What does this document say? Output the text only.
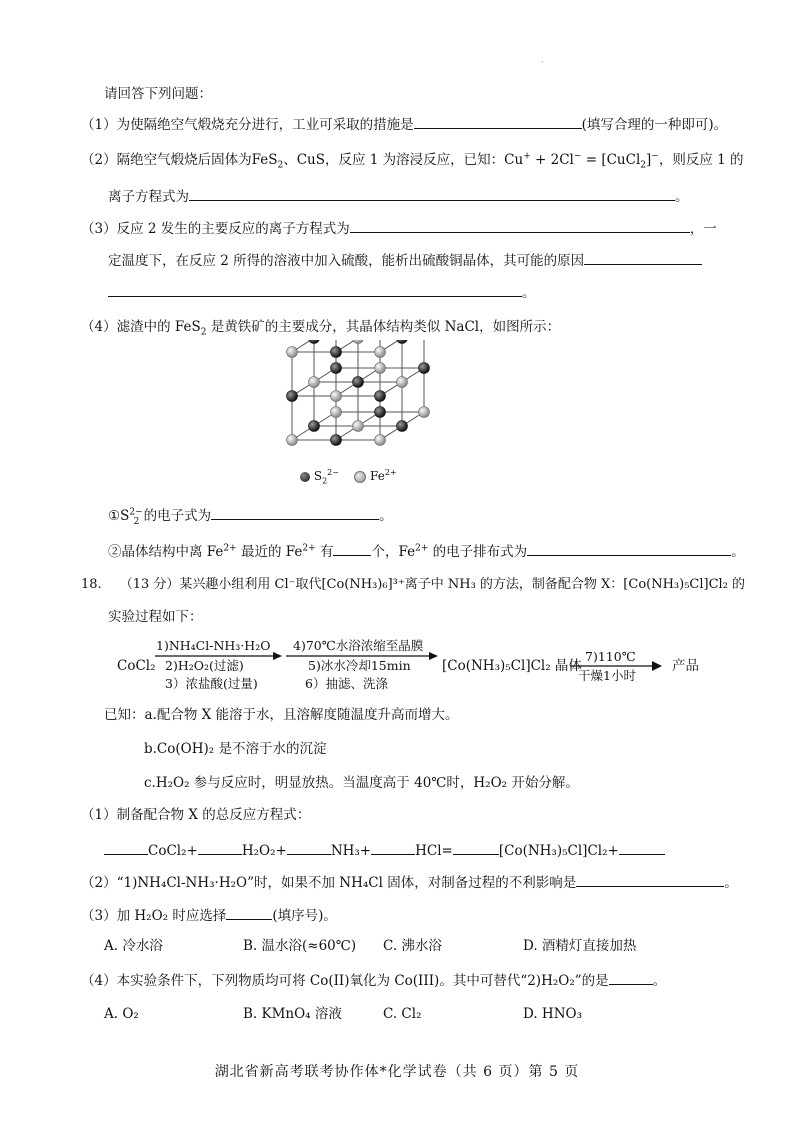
·
请回答下列问题：
（1）为使隔绝空气煅烧充分进行，工业可采取的措施是	(填写合理的一种即可)。
（2）隔绝空气煅烧后固体为FeS$_2$、CuS，反应 1 为溶浸反应，已知：Cu+ + 2Cl− = [CuCl$_2$]−，则反应 1 的
离子方程式为	。
（3）反应 2 发生的主要反应的离子方程式为	，一
定温度下，在反应 2 所得的溶液中加入硫酸，能析出硫酸铜晶体，其可能的原因
。
（4）滤渣中的 FeS$_2$ 是黄铁矿的主要成分，其晶体结构类似 NaCl，如图所示：
$S_2^{2-}$	$Fe^{2+}$
$①S^{2-}_2$ 的电子式为	。
②晶体结构中离 $Fe^{2+}$ 最近的 $Fe^{2+}$ 有	个，$Fe^{2+}$ 的电子排布式为	。
18. （13 分）某兴趣小组利用 Cl⁻取代[Co(NH₃)₆]³⁺离子中 NH₃ 的方法，制备配合物 X：[Co(NH₃)₅Cl]Cl₂ 的
实验过程如下：
CoCl₂
1)NH₄Cl-NH₃·H₂O
2)H₂O₂(过滤)
3）浓盐酸(过量)
4)70℃水浴浓缩至晶膜
5)冰水冷却15min
6）抽滤、洗涤
[Co(NH₃)₅Cl]Cl₂ 晶体
7)110℃
干燥1小时
产品
已知：a.配合物 X 能溶于水，且溶解度随温度升高而增大。
b.Co(OH)₂ 是不溶于水的沉淀
c.H₂O₂ 参与反应时，明显放热。当温度高于 40℃时，H₂O₂ 开始分解。
（1）制备配合物 X 的总反应方程式：
CoCl₂+	H₂O₂+	NH₃+	HCl=	[Co(NH₃)₅Cl]Cl₂+
（2）“1)NH₄Cl-NH₃·H₂O”时，如果不加 NH₄Cl 固体，对制备过程的不利影响是	。
（3）加 H₂O₂ 时应选择	(填序号)。
A. 冷水浴	B. 温水浴(≈60℃) C. 沸水浴	D. 酒精灯直接加热
（4）本实验条件下，下列物质均可将 Co(II)氧化为 Co(III)。其中可替代“2)H₂O₂”的是	。
A. O₂	B. KMnO₄ 溶液	C. Cl₂	D. HNO₃
湖北省新高考联考协作体*化学试卷（共 6 页）第 5 页
